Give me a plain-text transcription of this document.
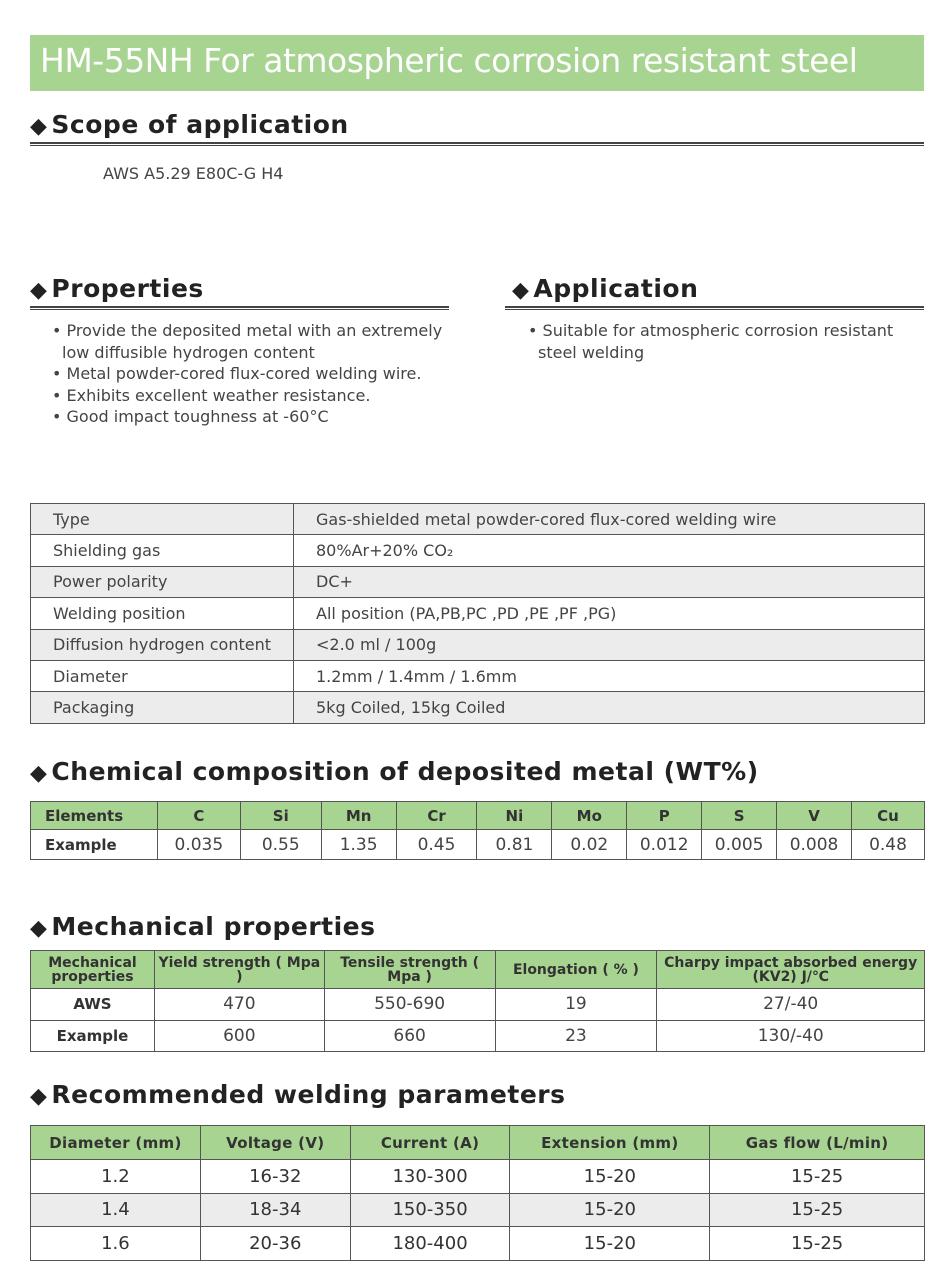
HM-55NH For atmospheric corrosion resistant steel
◆ Scope of application
AWS A5.29 E80C-G H4
◆ Properties
• Provide the deposited metal with an extremely low diffusible hydrogen content
• Metal powder-cored flux-cored welding wire.
• Exhibits excellent weather resistance.
• Good impact toughness at -60°C
◆ Application
• Suitable for atmospheric corrosion resistant steel welding
Type	Gas-shielded metal powder-cored flux-cored welding wire
Shielding gas	80%Ar+20% CO₂
Power polarity	DC+
Welding position	All position (PA,PB,PC ,PD ,PE ,PF ,PG)
Diffusion hydrogen content	<2.0 ml / 100g
Diameter	1.2mm / 1.4mm / 1.6mm
Packaging	5kg Coiled, 15kg Coiled
◆ Chemical composition of deposited metal (WT%)
Elements	C	Si	Mn	Cr	Ni	Mo	P	S	V	Cu
Example	0.035	0.55	1.35	0.45	0.81	0.02	0.012	0.005	0.008	0.48
◆ Mechanical properties
Mechanical properties	Yield strength ( Mpa )	Tensile strength ( Mpa )	Elongation ( % )	Charpy impact absorbed energy (KV2) J/℃
AWS	470	550-690	19	27/-40
Example	600	660	23	130/-40
◆ Recommended welding parameters
Diameter (mm)	Voltage (V)	Current (A)	Extension (mm)	Gas flow (L/min)
1.2	16-32	130-300	15-20	15-25
1.4	18-34	150-350	15-20	15-25
1.6	20-36	180-400	15-20	15-25
